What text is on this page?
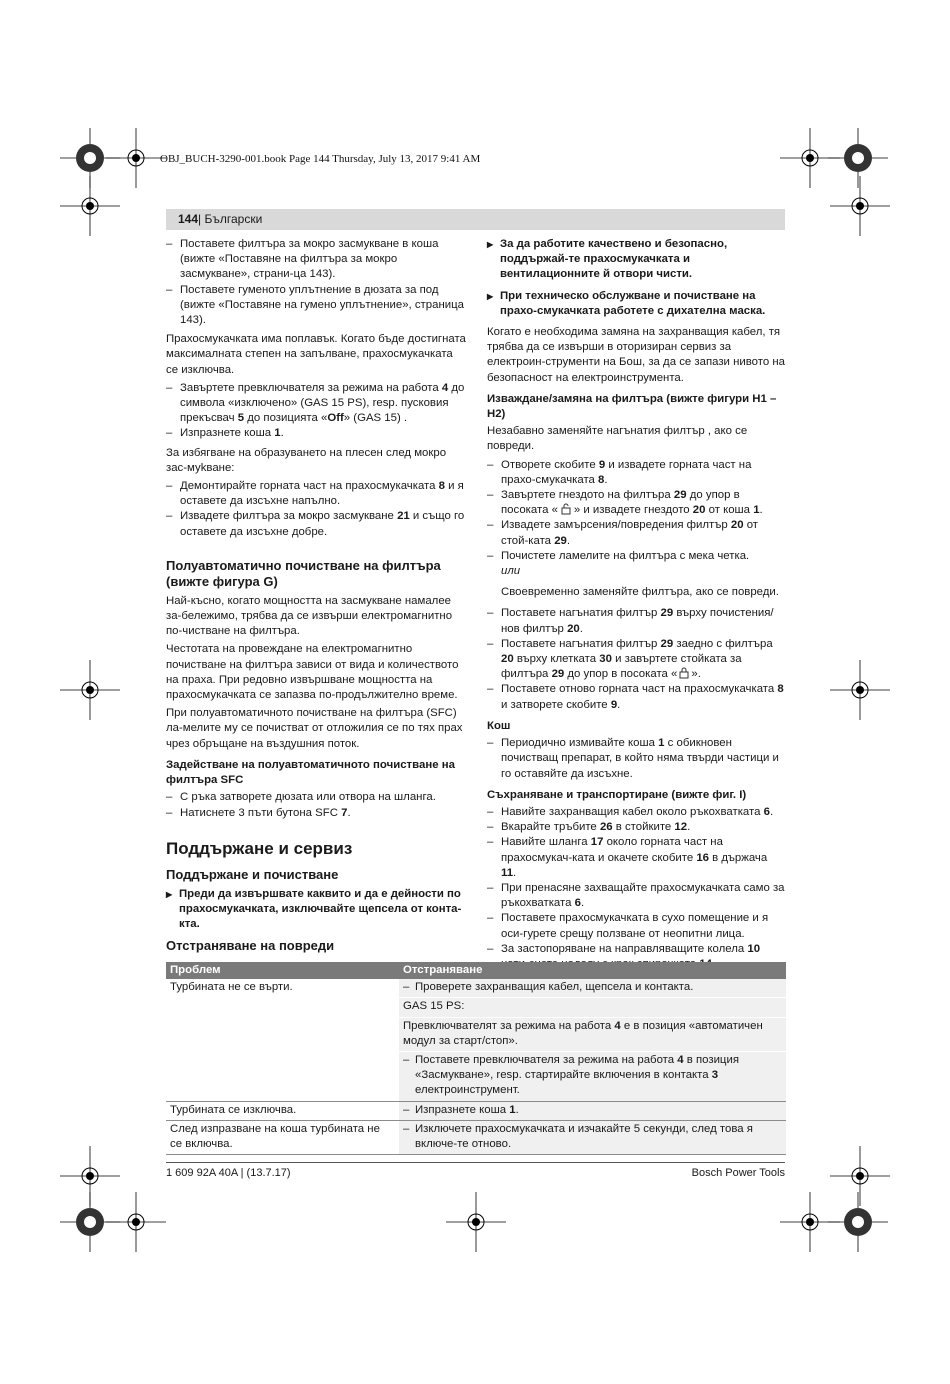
OBJ_BUCH-3290-001.book Page 144 Thursday, July 13, 2017 9:41 AM
144| Български

– Поставете филтъра за мокро засмукване в коша (вижте «Поставяне на филтъра за мокро засмукване», страни-ца 143).

– Поставете гуменото уплътнение в дюзата за под (вижте «Поставяне на гумено уплътнение», страница 143).

Прахосмукачката има поплавък. Когато бъде достигната максималната степен на запълване, прахосмукачката се изключва.

– Завъртете превключвателя за режима на работа 4 до символа «изключено» (GAS 15 PS), resp. пусковия прекъсвач 5 до позицията «Off» (GAS 15) .

– Изпразнете коша 1.

За избягване на образуването на плесен след мокро зас-муkване:

– Демонтирайте горната част на прахосмукачката 8 и я оставете да изсъхне напълно.

– Извадете филтъра за мокро засмукване 21 и също го оставете да изсъхне добре.

Полуавтоматично почистване на филтъра (вижте фигура G)

Най-късно, когато мощността на засмукване намалее за-бележимо, трябва да се извърши електромагнитно по-чистване на филтъра.

Честотата на провеждане на електромагнитно почистване на филтъра зависи от вида и количеството на праха. При редовно извършване мощността на прахосмукачката се запазва по-продължително време.

При полуавтоматичното почистване на филтъра (SFC) ла-мелите му се почистват от отложилия се по тях прах чрез обръщане на въздушния поток.

Задействане на полуавтоматичното почистване на филтъра SFC

– С ръка затворете дюзата или отвора на шланга.

– Натиснете 3 пъти бутона SFC 7.

Поддържане и сервиз

Поддържане и почистване

▶ Преди да извършвате каквито и да е дейности по прахосмукачката, изключвайте щепсела от конта-кта.

▶ За да работите качествено и безопасно, поддържай-те прахосмукачката и вентилационните й отвори чисти.

▶ При техническо обслужване и почистване на прахо-смукачката работете с дихателна маска.

Когато е необходима замяна на захранващия кабел, тя трябва да се извърши в оторизиран сервиз за електроин-струменти на Бош, за да се запази нивото на безопасност на електроинструмента.

Изваждане/замяна на филтъра (вижте фигури H1 – H2)

Незабавно заменяйте нагънатия филтър , ако се повреди.

– Отворете скобите 9 и извадете горната част на прахо-смукачката 8.

– Завъртете гнездото на филтъра 29 до упор в посоката « » и извадете гнездото 20 от коша 1.

– Извадете замърсения/повредения филтър 20 от стой-ката 29.

– Почистете ламелите на филтъра с мека четка.

или

Своевременно заменяйте филтъра, ако се повреди.

– Поставете нагънатия филтър 29 върху почистения/нов филтър 20.

– Поставете нагънатия филтър 29 заедно с филтъра 20 върху клетката 30 и завъртете стойката за филтъра 29 до упор в посоката « ».

– Поставете отново горната част на прахосмукачката 8 и затворете скобите 9.

Кош

– Периодично измивайте коша 1 с обикновен почистващ препарат, в който няма твърди частици и го оставяйте да изсъхне.

Съхраняване и транспортиране (вижте фиг. I)

– Навийте захранващия кабел около ръкохватката 6.

– Вкарайте тръбите 26 в стойките 12.

– Навийте шланга 17 около горната част на прахосмукач-ката и окачете скобите 16 в държача 11.

– При пренасяне захващайте прахосмукачката само за ръкохватката 6.

– Поставете прахосмукачката в сухо помещение и я оси-гурете срещу ползване от неопитни лица.

– За застопоряване на направляващите колела 10

Отстраняване на повреди
Проблем	Отстраняване
Турбината не се върти.	– Проверете захранващия кабел, щепсела и контакта.

	GAS 15 PS:
	Превключвателят за режима на работа 4 е в позиция «автоматичен модул за старт/стоп».

	– Поставете превключвателя за режима на работа 4 в позиция «Засмукване», resp. стартирайте включения в контакта 3 електроинструмент.

Турбината се изключва.	– Изпразнете коша 1.

След изпразване на коша турбината не се включва.	– Изключете прахосмукачката и изчакайте 5 секунди, след това я включе-те отново.
1 609 92A 40A | (13.7.17)	Bosch Power Tools
